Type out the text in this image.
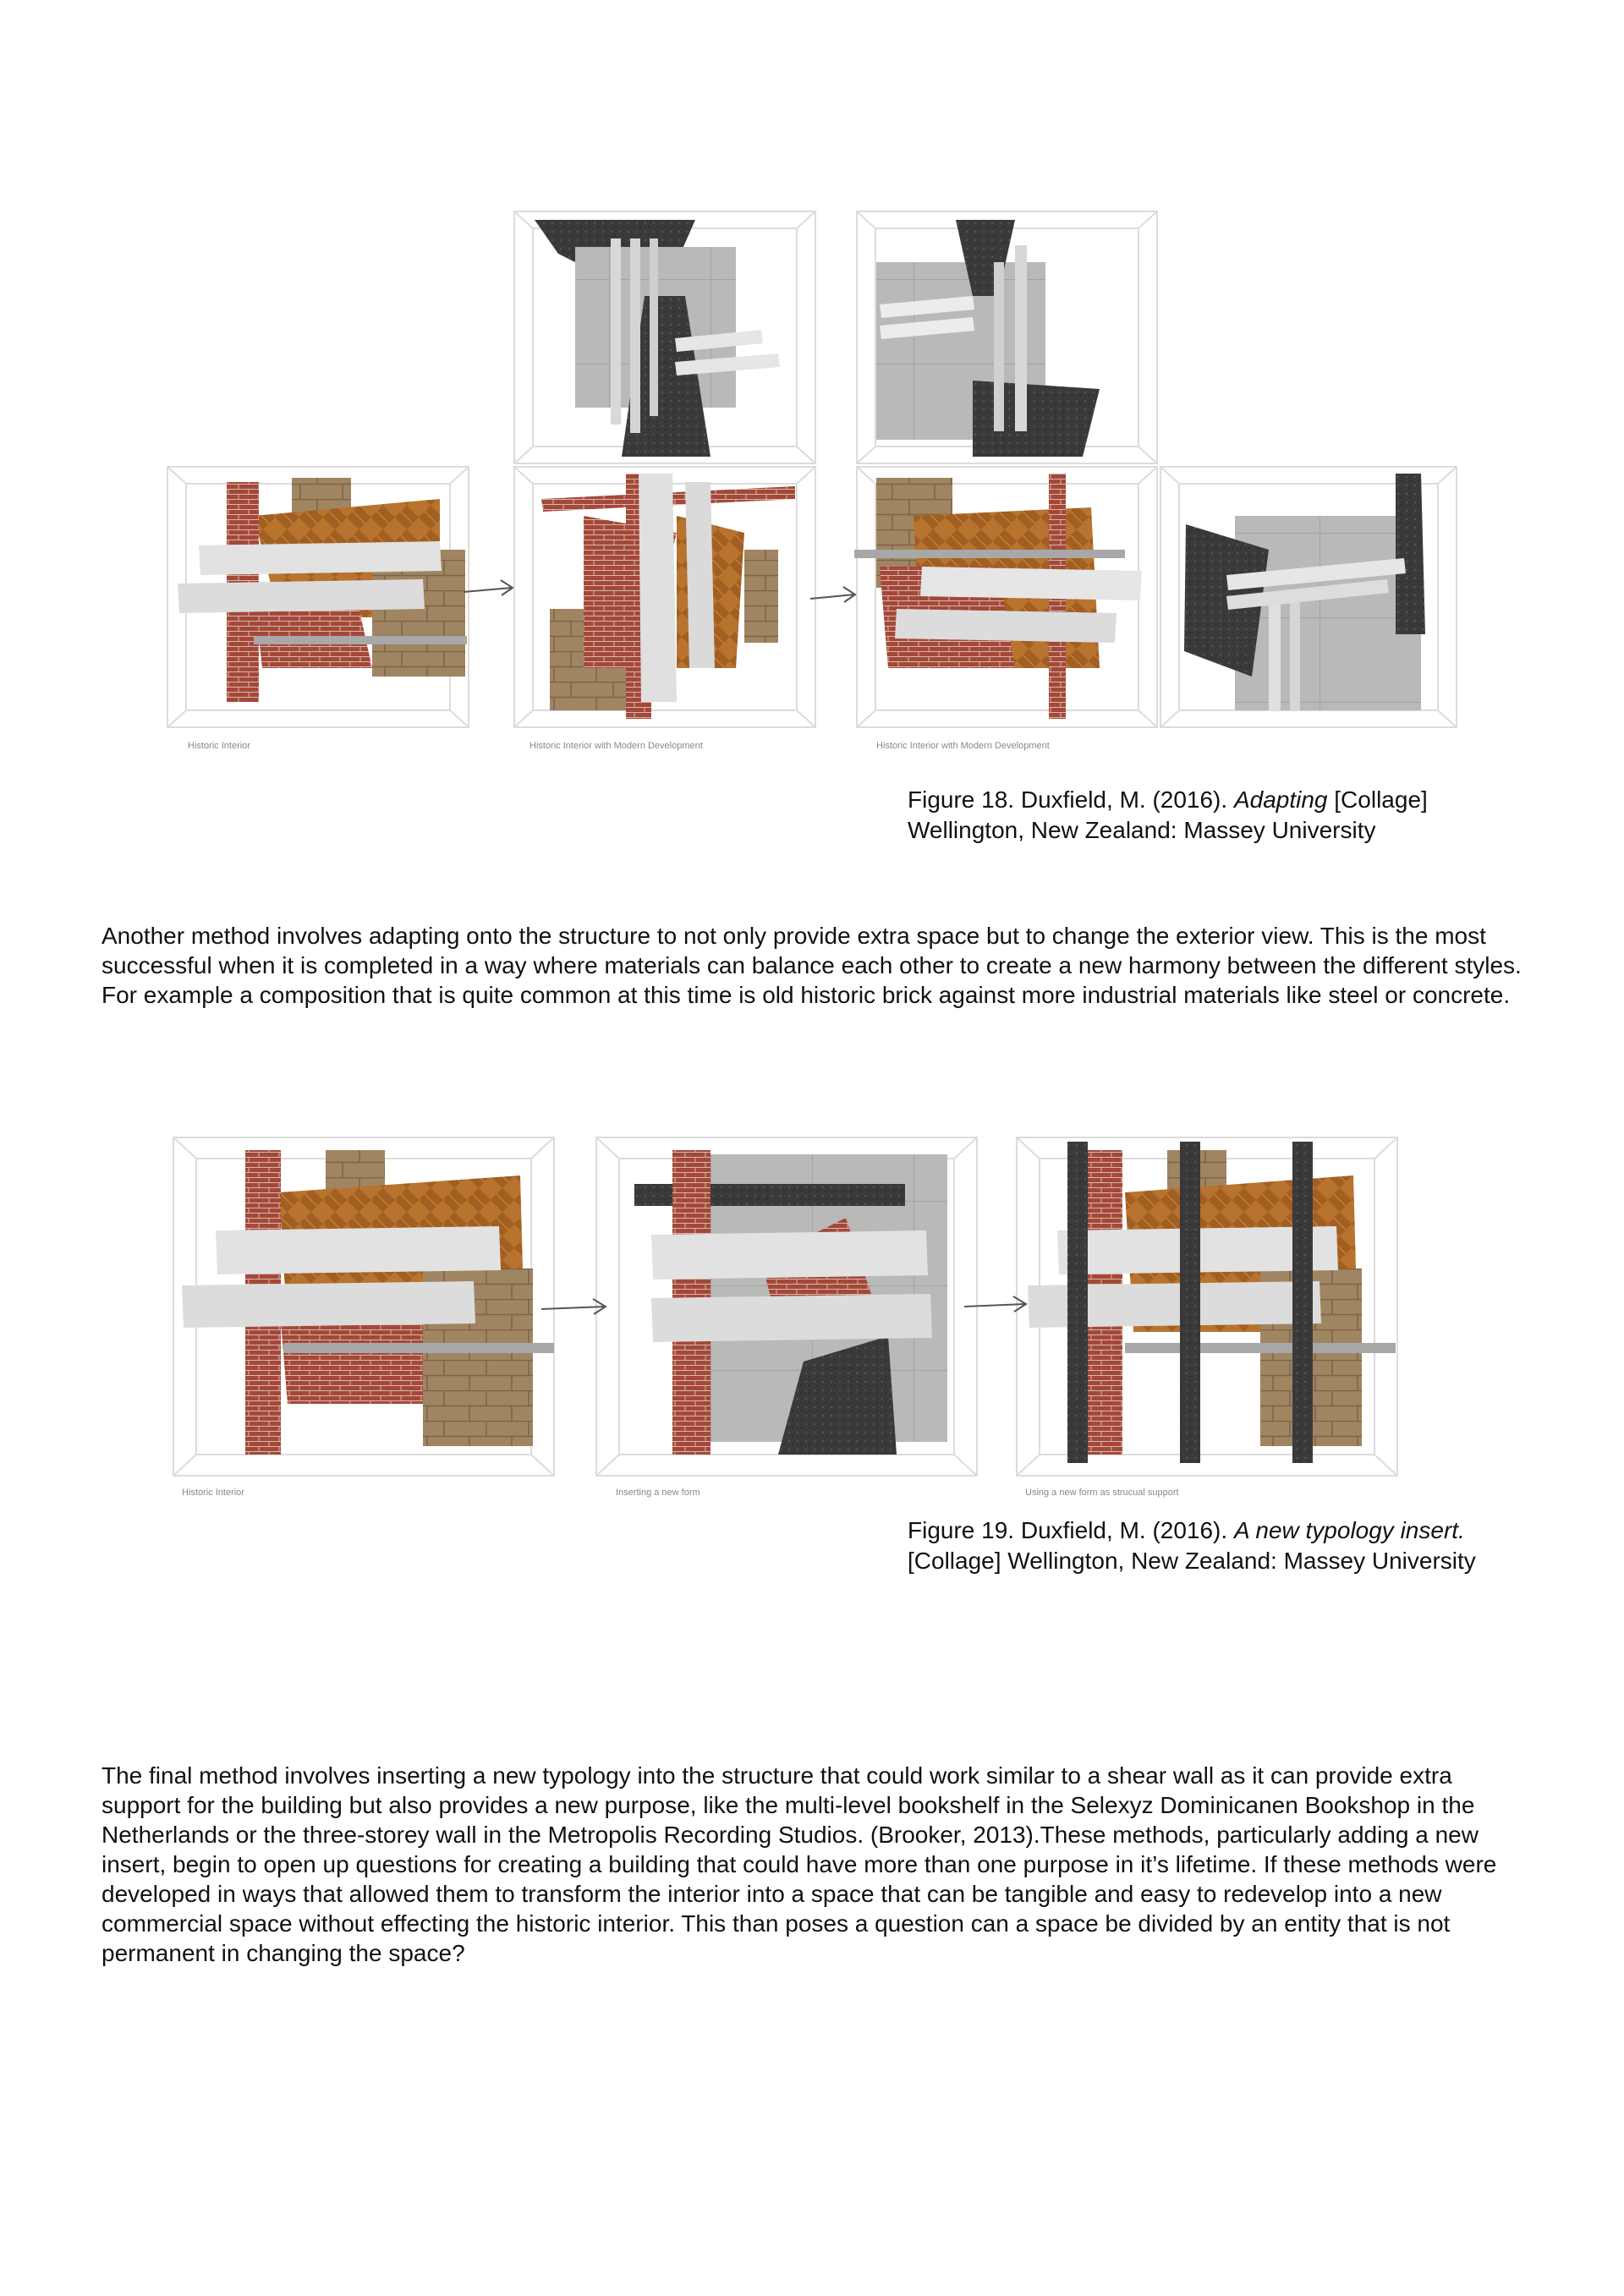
Historic Interior	Historic Interior with Modern Development	Historic Interior with Modern Development
Figure 18. Duxfield, M. (2016). Adapting [Collage] Wellington, New Zealand: Massey University

Another method involves adapting onto the structure to not only provide extra space but to change the exterior view. This is the most successful when it is completed in a way where materials can balance each other to create a new harmony between the different styles. For example a composition that is quite common at this time is old historic brick against more industrial materials like steel or concrete.

Historic Interior	Inserting a new form	Using a new form as strucual support
Figure 19. Duxfield, M. (2016). A new typology insert. [Collage] Wellington, New Zealand: Massey University

The final method involves inserting a new typology into the structure that could work similar to a shear wall as it can provide extra support for the building but also provides a new purpose, like the multi-level bookshelf in the Selexyz Dominicanen Bookshop in the Netherlands or the three-storey wall in the Metropolis Recording Studios. (Brooker, 2013).These methods, particularly adding a new insert, begin to open up questions for creating a building that could have more than one purpose in it’s lifetime. If these methods were developed in ways that allowed them to transform the interior into a space that can be tangible and easy to redevelop into a new commercial space without effecting the historic interior. This than poses a question can a space be divided by an entity that is not permanent in changing the space?
